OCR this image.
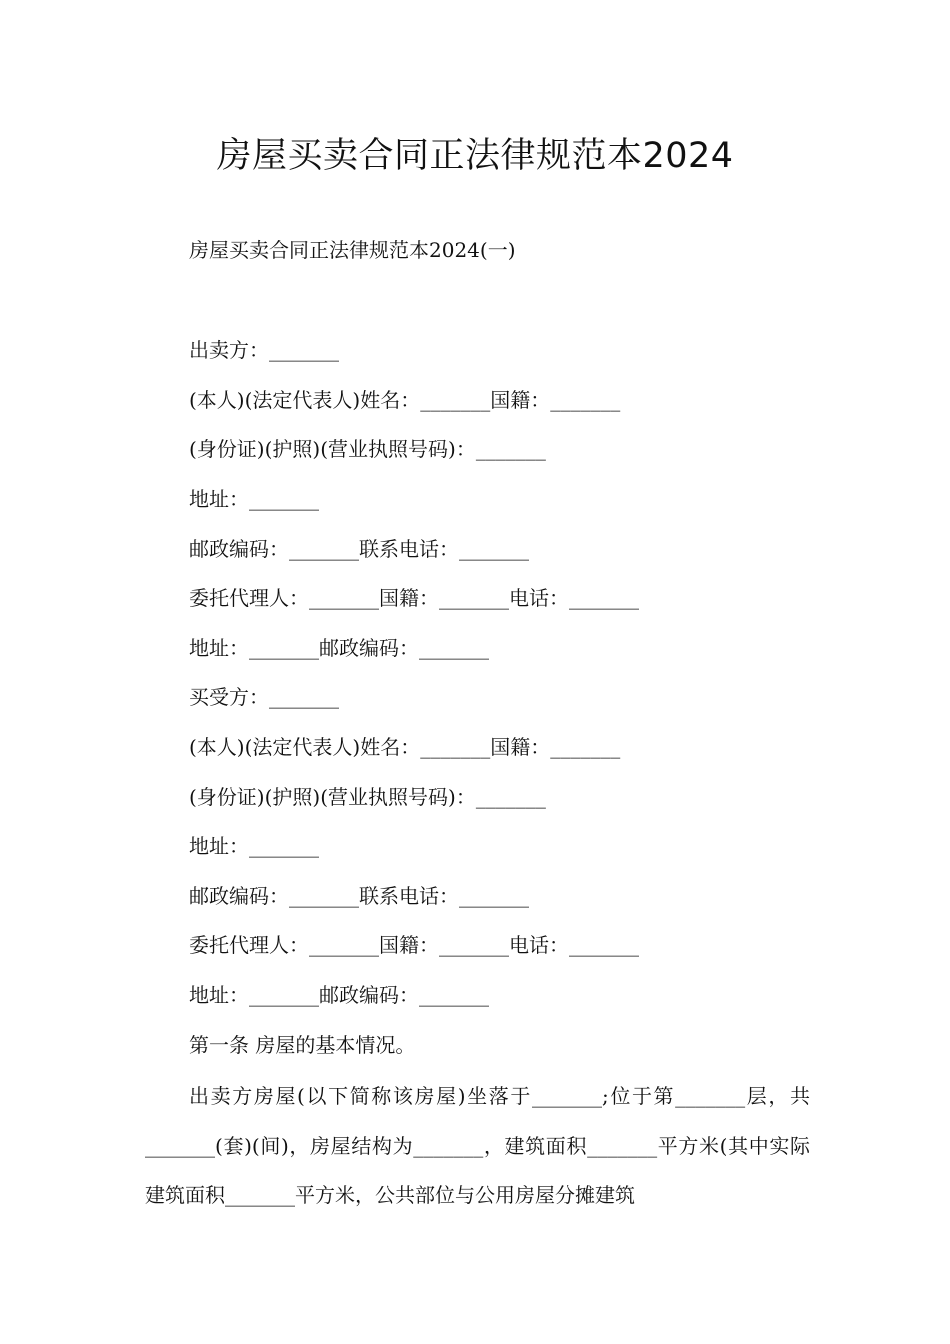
房屋买卖合同正法律规范本2024

房屋买卖合同正法律规范本2024(一)

出卖方：_______

(本人)(法定代表人)姓名：_______国籍：_______

(身份证)(护照)(营业执照号码)：_______

地址：_______

邮政编码：_______联系电话：_______

委托代理人：_______国籍：_______电话：_______

地址：_______邮政编码：_______

买受方：_______

(本人)(法定代表人)姓名：_______国籍：_______

(身份证)(护照)(营业执照号码)：_______

地址：_______

邮政编码：_______联系电话：_______

委托代理人：_______国籍：_______电话：_______

地址：_______邮政编码：_______

第一条 房屋的基本情况。

出卖方房屋(以下简称该房屋)坐落于_______;位于第_______层，共_______(套)(间)，房屋结构为_______，建筑面积_______平方米(其中实际建筑面积_______平方米，公共部位与公用房屋分摊建筑
